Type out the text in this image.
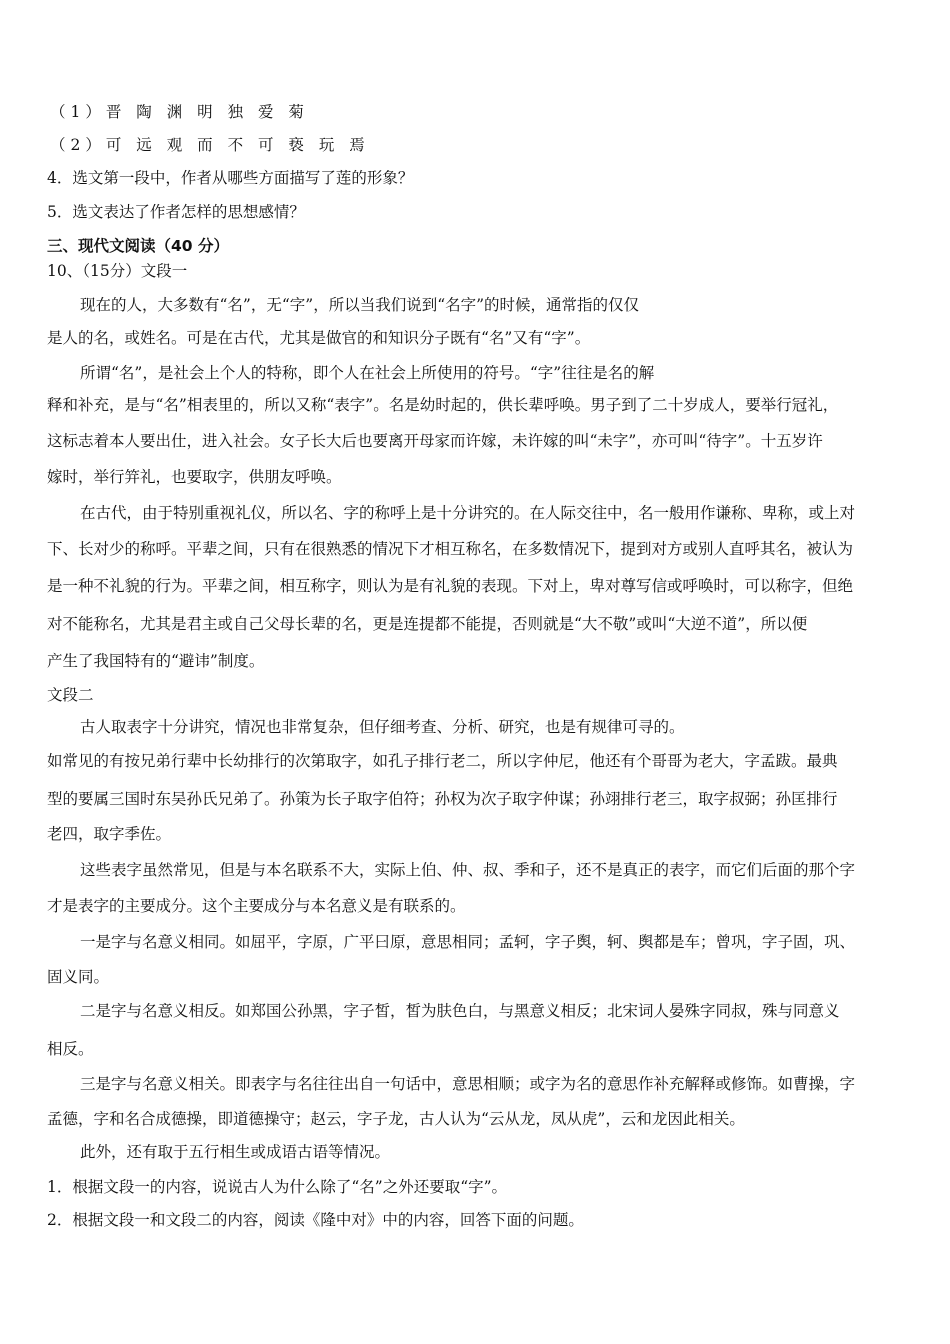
（1）晋 陶 渊 明 独 爱 菊
（2）可 远 观 而 不 可 亵 玩 焉
4．选文第一段中，作者从哪些方面描写了莲的形象？
5．选文表达了作者怎样的思想感情？
三、现代文阅读（40 分）
10、（15分）文段一
现在的人，大多数有“名”，无“字”，所以当我们说到“名字”的时候，通常指的仅仅
是人的名，或姓名。可是在古代，尤其是做官的和知识分子既有“名”又有“字”。
所谓“名”，是社会上个人的特称，即个人在社会上所使用的符号。“字”往往是名的解
释和补充，是与“名”相表里的，所以又称“表字”。名是幼时起的，供长辈呼唤。男子到了二十岁成人，要举行冠礼，
这标志着本人要出仕，进入社会。女子长大后也要离开母家而许嫁，未许嫁的叫“未字”，亦可叫“待字”。十五岁许
嫁时，举行笄礼，也要取字，供朋友呼唤。
在古代，由于特别重视礼仪，所以名、字的称呼上是十分讲究的。在人际交往中，名一般用作谦称、卑称，或上对
下、长对少的称呼。平辈之间，只有在很熟悉的情况下才相互称名，在多数情况下，提到对方或别人直呼其名，被认为
是一种不礼貌的行为。平辈之间，相互称字，则认为是有礼貌的表现。下对上，卑对尊写信或呼唤时，可以称字，但绝
对不能称名，尤其是君主或自己父母长辈的名，更是连提都不能提，否则就是“大不敬”或叫“大逆不道”，所以便
产生了我国特有的“避讳”制度。
文段二
古人取表字十分讲究，情况也非常复杂，但仔细考查、分析、研究，也是有规律可寻的。
如常见的有按兄弟行辈中长幼排行的次第取字，如孔子排行老二，所以字仲尼，他还有个哥哥为老大，字孟跋。最典
型的要属三国时东吴孙氏兄弟了。孙策为长子取字伯符；孙权为次子取字仲谋；孙翊排行老三，取字叔弼；孙匡排行
老四，取字季佐。
这些表字虽然常见，但是与本名联系不大，实际上伯、仲、叔、季和子，还不是真正的表字，而它们后面的那个字
才是表字的主要成分。这个主要成分与本名意义是有联系的。
一是字与名意义相同。如屈平，字原，广平曰原，意思相同；孟轲，字子舆，轲、舆都是车；曾巩，字子固，巩、
固义同。
二是字与名意义相反。如郑国公孙黑，字子皙，皙为肤色白，与黑意义相反；北宋词人晏殊字同叔，殊与同意义
相反。
三是字与名意义相关。即表字与名往往出自一句话中，意思相顺；或字为名的意思作补充解释或修饰。如曹操，字
孟德，字和名合成德操，即道德操守；赵云，字子龙，古人认为“云从龙，凤从虎”，云和龙因此相关。
此外，还有取于五行相生或成语古语等情况。
1．根据文段一的内容，说说古人为什么除了“名”之外还要取“字”。
2．根据文段一和文段二的内容，阅读《隆中对》中的内容，回答下面的问题。
